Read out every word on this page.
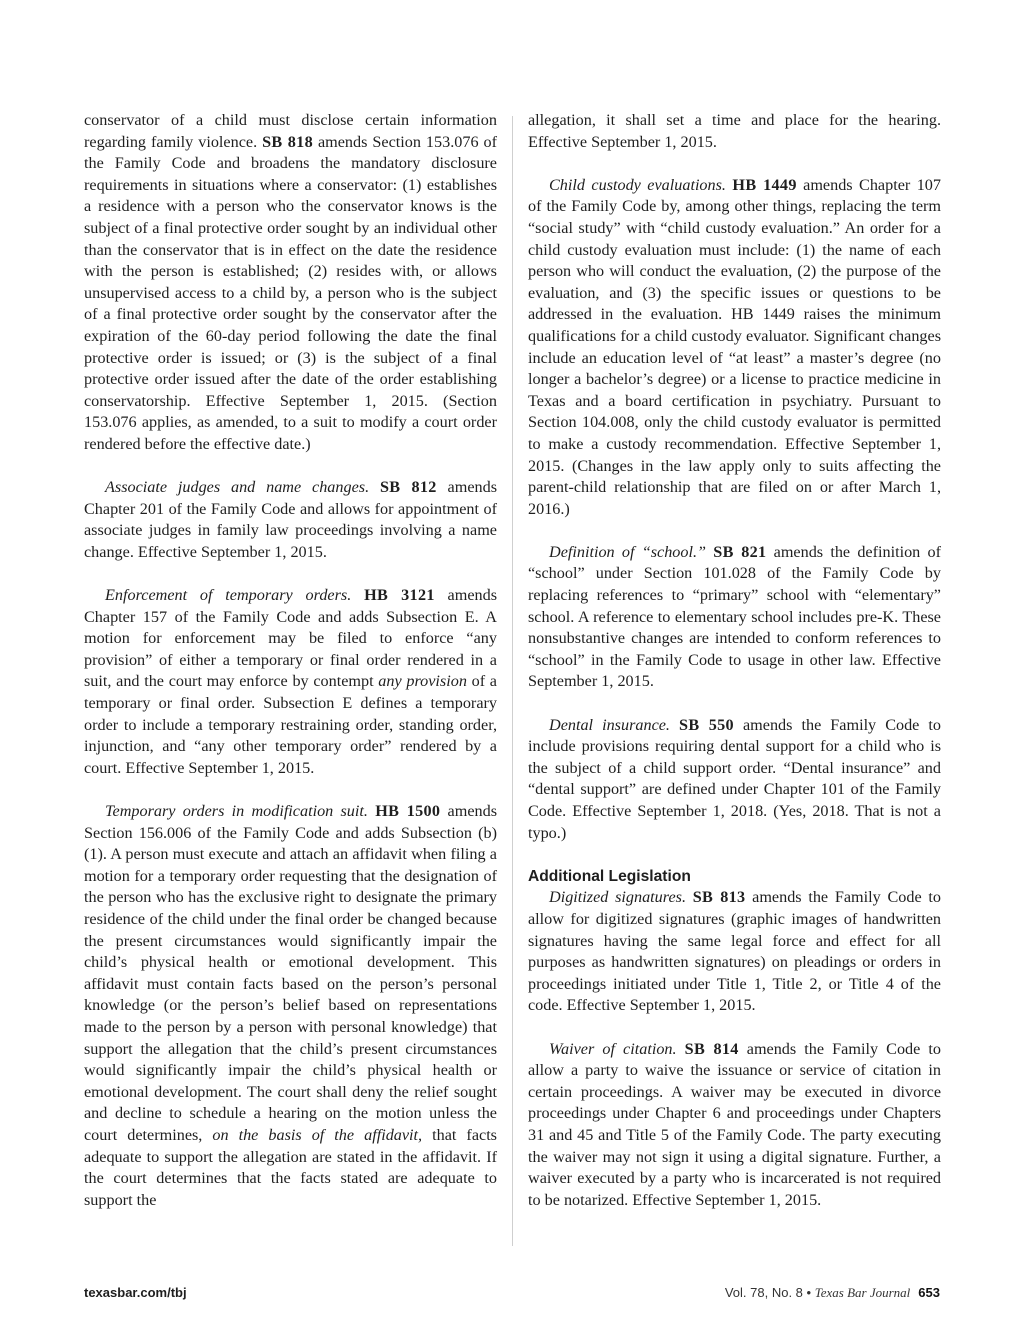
conservator of a child must disclose certain information regarding family violence. SB 818 amends Section 153.076 of the Family Code and broadens the mandatory disclosure requirements in situations where a conservator: (1) establishes a residence with a person who the conservator knows is the subject of a final protective order sought by an individual other than the conservator that is in effect on the date the residence with the person is established; (2) resides with, or allows unsupervised access to a child by, a person who is the subject of a final protective order sought by the conservator after the expiration of the 60-day period following the date the final protective order is issued; or (3) is the subject of a final protective order issued after the date of the order establishing conservatorship. Effective September 1, 2015. (Section 153.076 applies, as amended, to a suit to modify a court order rendered before the effective date.)

Associate judges and name changes. SB 812 amends Chapter 201 of the Family Code and allows for appointment of associate judges in family law proceedings involving a name change. Effective September 1, 2015.

Enforcement of temporary orders. HB 3121 amends Chapter 157 of the Family Code and adds Subsection E. A motion for enforcement may be filed to enforce “any provision” of either a temporary or final order rendered in a suit, and the court may enforce by contempt any provision of a temporary or final order. Subsection E defines a temporary order to include a temporary restraining order, standing order, injunction, and “any other temporary order” rendered by a court. Effective September 1, 2015.

Temporary orders in modification suit. HB 1500 amends Section 156.006 of the Family Code and adds Subsection (b)(1). A person must execute and attach an affidavit when filing a motion for a temporary order requesting that the designation of the person who has the exclusive right to designate the primary residence of the child under the final order be changed because the present circumstances would significantly impair the child’s physical health or emotional development. This affidavit must contain facts based on the person’s personal knowledge (or the person’s belief based on representations made to the person by a person with personal knowledge) that support the allegation that the child’s present circumstances would significantly impair the child’s physical health or emotional development. The court shall deny the relief sought and decline to schedule a hearing on the motion unless the court determines, on the basis of the affidavit, that facts adequate to support the allegation are stated in the affidavit. If the court determines that the facts stated are adequate to support the

allegation, it shall set a time and place for the hearing. Effective September 1, 2015.

Child custody evaluations. HB 1449 amends Chapter 107 of the Family Code by, among other things, replacing the term “social study” with “child custody evaluation.” An order for a child custody evaluation must include: (1) the name of each person who will conduct the evaluation, (2) the purpose of the evaluation, and (3) the specific issues or questions to be addressed in the evaluation. HB 1449 raises the minimum qualifications for a child custody evaluator. Significant changes include an education level of “at least” a master’s degree (no longer a bachelor’s degree) or a license to practice medicine in Texas and a board certification in psychiatry. Pursuant to Section 104.008, only the child custody evaluator is permitted to make a custody recommendation. Effective September 1, 2015. (Changes in the law apply only to suits affecting the parent-child relationship that are filed on or after March 1, 2016.)

Definition of “school.” SB 821 amends the definition of “school” under Section 101.028 of the Family Code by replacing references to “primary” school with “elementary” school. A reference to elementary school includes pre-K. These nonsubstantive changes are intended to conform references to “school” in the Family Code to usage in other law. Effective September 1, 2015.

Dental insurance. SB 550 amends the Family Code to include provisions requiring dental support for a child who is the subject of a child support order. “Dental insurance” and “dental support” are defined under Chapter 101 of the Family Code. Effective September 1, 2018. (Yes, 2018. That is not a typo.)

Additional Legislation

Digitized signatures. SB 813 amends the Family Code to allow for digitized signatures (graphic images of handwritten signatures having the same legal force and effect for all purposes as handwritten signatures) on pleadings or orders in proceedings initiated under Title 1, Title 2, or Title 4 of the code. Effective September 1, 2015.

Waiver of citation. SB 814 amends the Family Code to allow a party to waive the issuance or service of citation in certain proceedings. A waiver may be executed in divorce proceedings under Chapter 6 and proceedings under Chapters 31 and 45 and Title 5 of the Family Code. The party executing the waiver may not sign it using a digital signature. Further, a waiver executed by a party who is incarcerated is not required to be notarized. Effective September 1, 2015.

texasbar.com/tbj	Vol. 78, No. 8 • Texas Bar Journal 653
